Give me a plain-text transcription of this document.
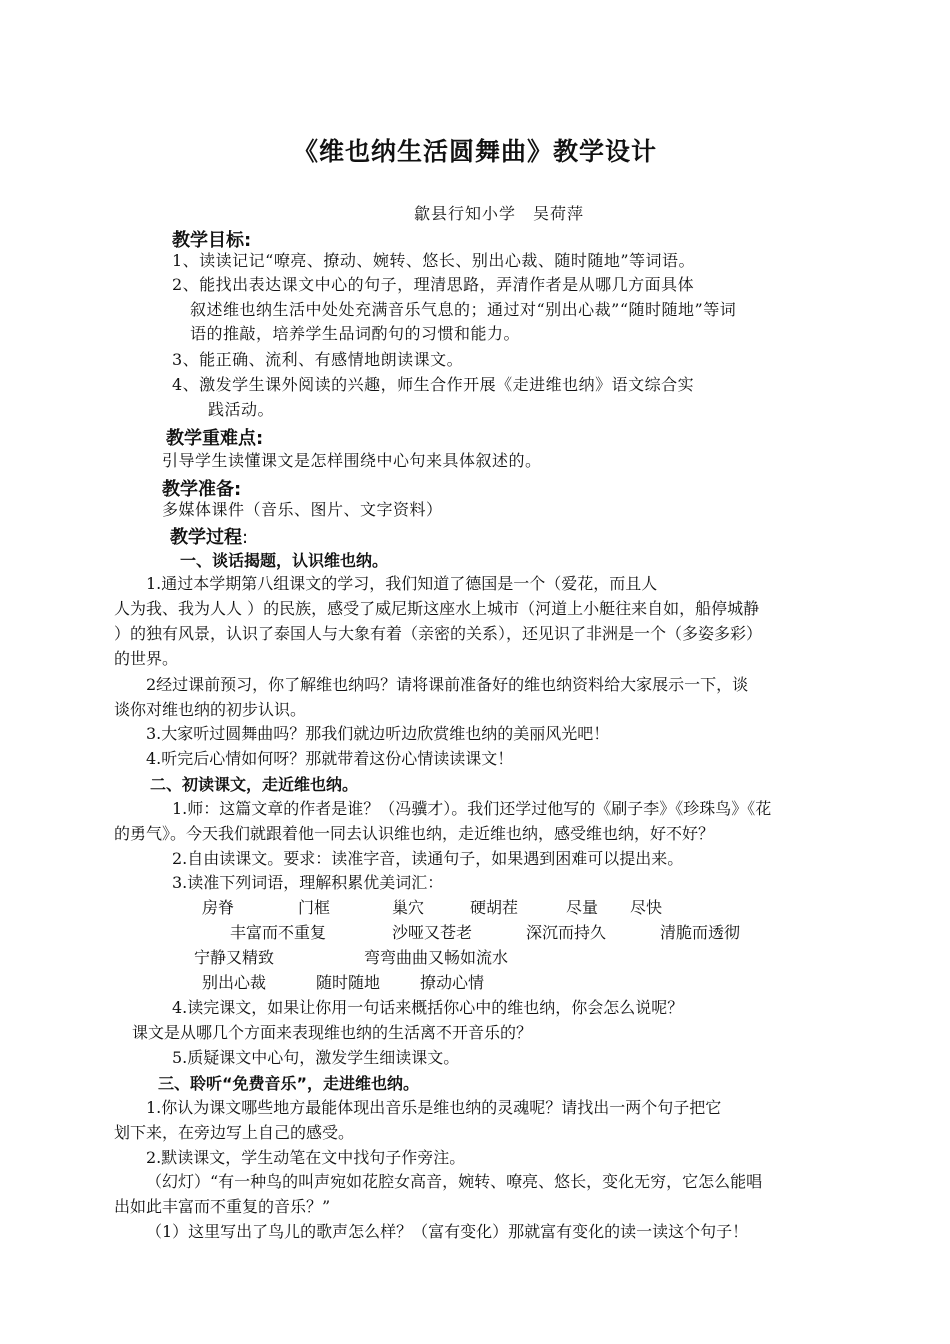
《维也纳生活圆舞曲》教学设计
歙县行知小学　吴荷萍
教学目标:
1、读读记记“嘹亮、撩动、婉转、悠长、别出心裁、随时随地”等词语。
2、能找出表达课文中心的句子，理清思路，弄清作者是从哪几方面具体
叙述维也纳生活中处处充满音乐气息的；通过对“别出心裁”“随时随地”等词
语的推敲，培养学生品词酌句的习惯和能力。
3、能正确、流利、有感情地朗读课文。
4、激发学生课外阅读的兴趣，师生合作开展《走进维也纳》语文综合实
践活动。
教学重难点:
引导学生读懂课文是怎样围绕中心句来具体叙述的。
教学准备:
多媒体课件（音乐、图片、文字资料）
教学过程:
一、谈话揭题，认识维也纳。
1.通过本学期第八组课文的学习，我们知道了德国是一个（爱花，而且人
人为我、我为人人 ）的民族，感受了威尼斯这座水上城市（河道上小艇往来自如，船停城静
）的独有风景，认识了泰国人与大象有着（亲密的关系），还见识了非洲是一个（多姿多彩）
的世界。
2经过课前预习，你了解维也纳吗？请将课前准备好的维也纳资料给大家展示一下，谈
谈你对维也纳的初步认识。
3.大家听过圆舞曲吗？那我们就边听边欣赏维也纳的美丽风光吧！
4.听完后心情如何呀？那就带着这份心情读读课文！
二、初读课文，走近维也纳。
1.师：这篇文章的作者是谁？（冯骥才）。我们还学过他写的《刷子李》《珍珠鸟》《花
的勇气》。今天我们就跟着他一同去认识维也纳，走近维也纳，感受维也纳，好不好？
2.自由读课文。要求：读准字音，读通句子，如果遇到困难可以提出来。
3.读准下列词语，理解积累优美词汇：
房脊	门框	巢穴	硬胡茬	尽量 尽快
丰富而不重复	沙哑又苍老	深沉而持久	清脆而透彻
宁静又精致	弯弯曲曲又畅如流水
别出心裁	随时随地 撩动心情
4.读完课文，如果让你用一句话来概括你心中的维也纳，你会怎么说呢？
课文是从哪几个方面来表现维也纳的生活离不开音乐的？
5.质疑课文中心句，激发学生细读课文。
三、聆听“免费音乐”，走进维也纳。
1.你认为课文哪些地方最能体现出音乐是维也纳的灵魂呢？请找出一两个句子把它
划下来，在旁边写上自己的感受。
2.默读课文，学生动笔在文中找句子作旁注。
（幻灯）“有一种鸟的叫声宛如花腔女高音，婉转、嘹亮、悠长，变化无穷，它怎么能唱
出如此丰富而不重复的音乐？”
（1）这里写出了鸟儿的歌声怎么样？（富有变化）那就富有变化的读一读这个句子！
